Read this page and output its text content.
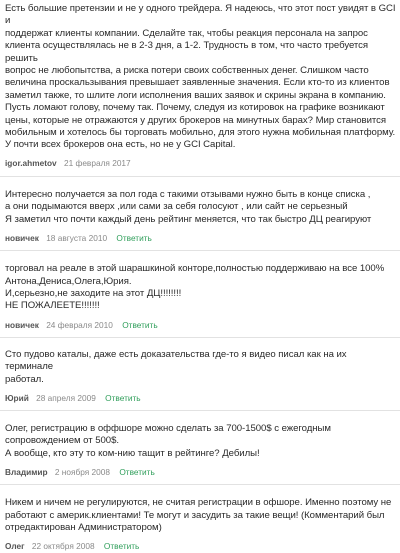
Есть большие претензии и не у одного трейдера. Я надеюсь, что этот пост увидят в GCI и
поддержат клиенты компании. Сделайте так, чтобы реакция персонала на запрос
клиента осуществлялась не в 2-3 дня, а 1-2. Трудность в том, что часто требуется решить
вопрос не любопытства, а риска потери своих собственных денег. Слишком часто
величина проскальзывания превышает заявленные значения. Если кто-то из клиентов
заметил также, то шлите логи исполнения ваших заявок и скрины экрана в компанию.
Пусть ломают голову, почему так. Почему, следуя из котировок на графике возникают
цены, которые не отражаются у других брокеров на минутных барах? Мир становится
мобильным и хотелось бы торговать мобильно, для этого нужна мобильная платформу.
У почти всех брокеров она есть, но не у GCI Capital.

igor.ahmetov 21 февраля 2017

Интересно получается за пол года с такими отзывами нужно быть в конце списка ,
а они подымаются вверх ,или сами за себя голосуют , или сайт не серьезный
Я заметил что почти каждый день рейтинг меняется, что так быстро ДЦ реагируют

новичек 18 августа 2010 Ответить

торговал на реале в этой шарашкиной конторе,полностью поддерживаю на все 100%
Антона,Дениса,Олега,Юрия.
И,серьезно,не заходите на этот ДЦ!!!!!!!!
НЕ ПОЖАЛЕЕТЕ!!!!!!!

новичек 24 февраля 2010 Ответить

Сто пудово каталы, даже есть доказательства где-то я видео писал как на их терминале
работал.

Юрий 28 апреля 2009 Ответить

Олег, регистрацию в оффшоре можно сделать за 700-1500$ с ежегодным
сопровождением от 500$.
А вообще, кто эту то ком-нию тащит в рейтинге? Дебилы!

Владимир 2 ноября 2008 Ответить

Никем и ничем не регулируются, не считая регистрации в офшоре. Именно поэтому не
работают с америк.клиентами! Те могут и засудить за такие вещи! (Комментарий был
отредактирован Администратором)

Олег 22 октября 2008 Ответить
